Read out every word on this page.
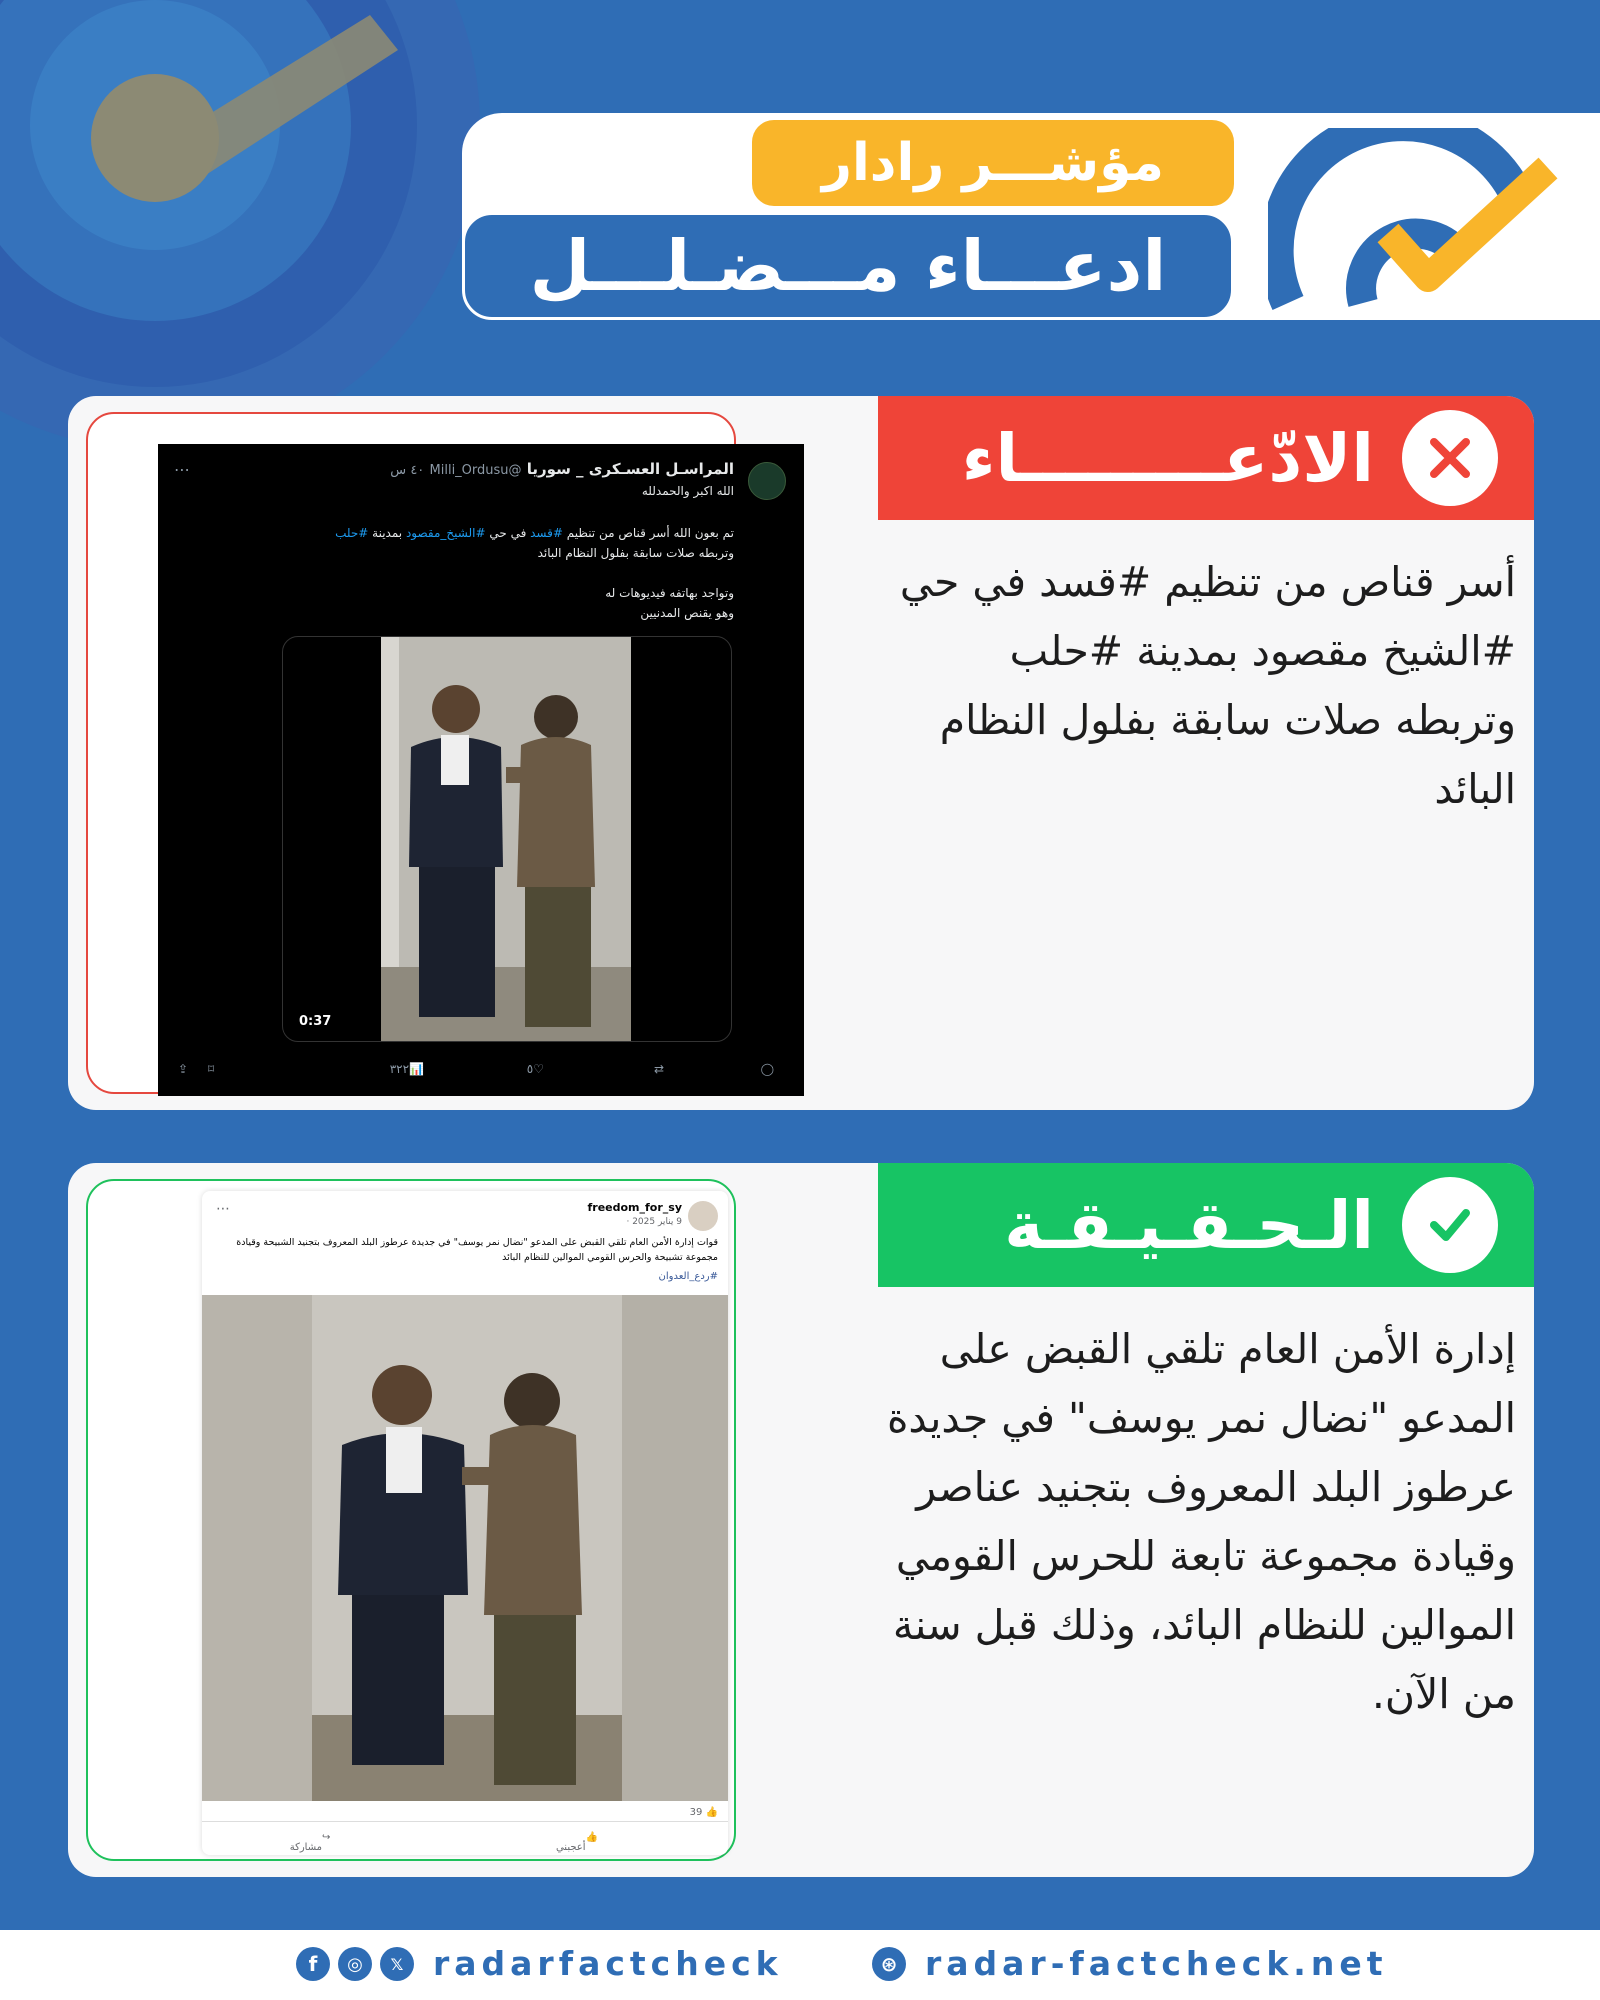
مؤشـــر رادار
ادعـــاء مـــضـلـــل
المراسـل العسـكرى _ سوريا @Milli_Ordusu ٤٠ س
⋯
الله اكبر والحمدلله
تم بعون الله أسر قناص من تنظيم #قسد في حي #الشيخ_مقصود بمدينة #حلب
وتربطه صلات سابقة بفلول النظام البائد
وتواجد بهاتفه فيديوهات له
وهو يقنص المدنيين
0:37
◯
⇄
♡
٥
📊
٣٢٢
⌑
⇪
الادّعـــــــــاء
أسر قناص من تنظيم #قسد في حي #الشيخ مقصود بمدينة #حلب وتربطه صلات سابقة بفلول النظام البائد
freedom_for_sy
9 يناير 2025 ·
⋯
قوات إدارة الأمن العام تلقي القبض على المدعو "نضال نمر يوسف" في جديدة عرطوز البلد المعروف بتجنيد الشبيحة وقيادة مجموعة تشبيحة والحرس القومي الموالين للنظام البائد
#ردع_العدوان
39 👍
👍
أعجبني
↪
مشاركة
الـحـقـيـقـة
إدارة الأمن العام تلقي القبض على المدعو "نضال نمر يوسف" في جديدة عرطوز البلد المعروف بتجنيد عناصر وقيادة مجموعة تابعة للحرس القومي الموالين للنظام البائد، وذلك قبل سنة من الآن.
f	◎	𝕏 radarfactcheck	⊛ radar-factcheck.net
